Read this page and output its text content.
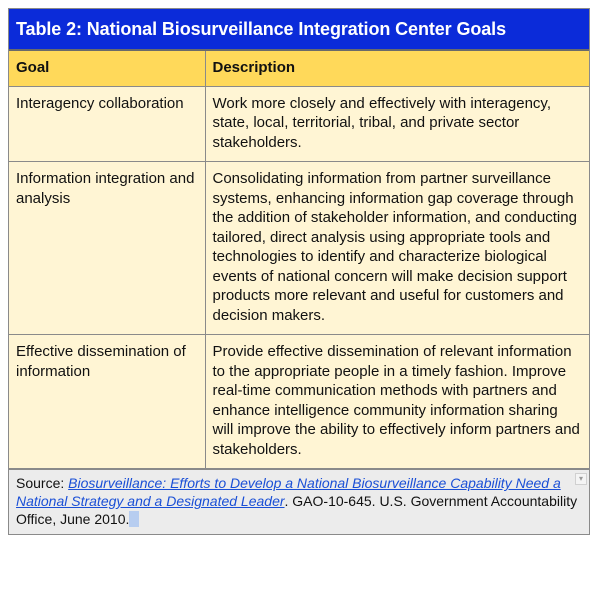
Table 2: National Biosurveillance Integration Center Goals
Goal	Description
Interagency collaboration	Work more closely and effectively with interagency, state, local, territorial, tribal, and private sector stakeholders.
Information integration and analysis	Consolidating information from partner surveillance systems, enhancing information gap coverage through the addition of stakeholder information, and conducting tailored, direct analysis using appropriate tools and technologies to identify and characterize biological events of national concern will make decision support products more relevant and useful for customers and decision makers.
Effective dissemination of information	Provide effective dissemination of relevant information to the appropriate people in a timely fashion. Improve real-time communication methods with partners and enhance intelligence community information sharing will improve the ability to effectively inform partners and stakeholders.
Source: Biosurveillance: Efforts to Develop a National Biosurveillance Capability Need a National Strategy and a Designated Leader. GAO-10-645. U.S. Government Accountability Office, June 2010.
▾
